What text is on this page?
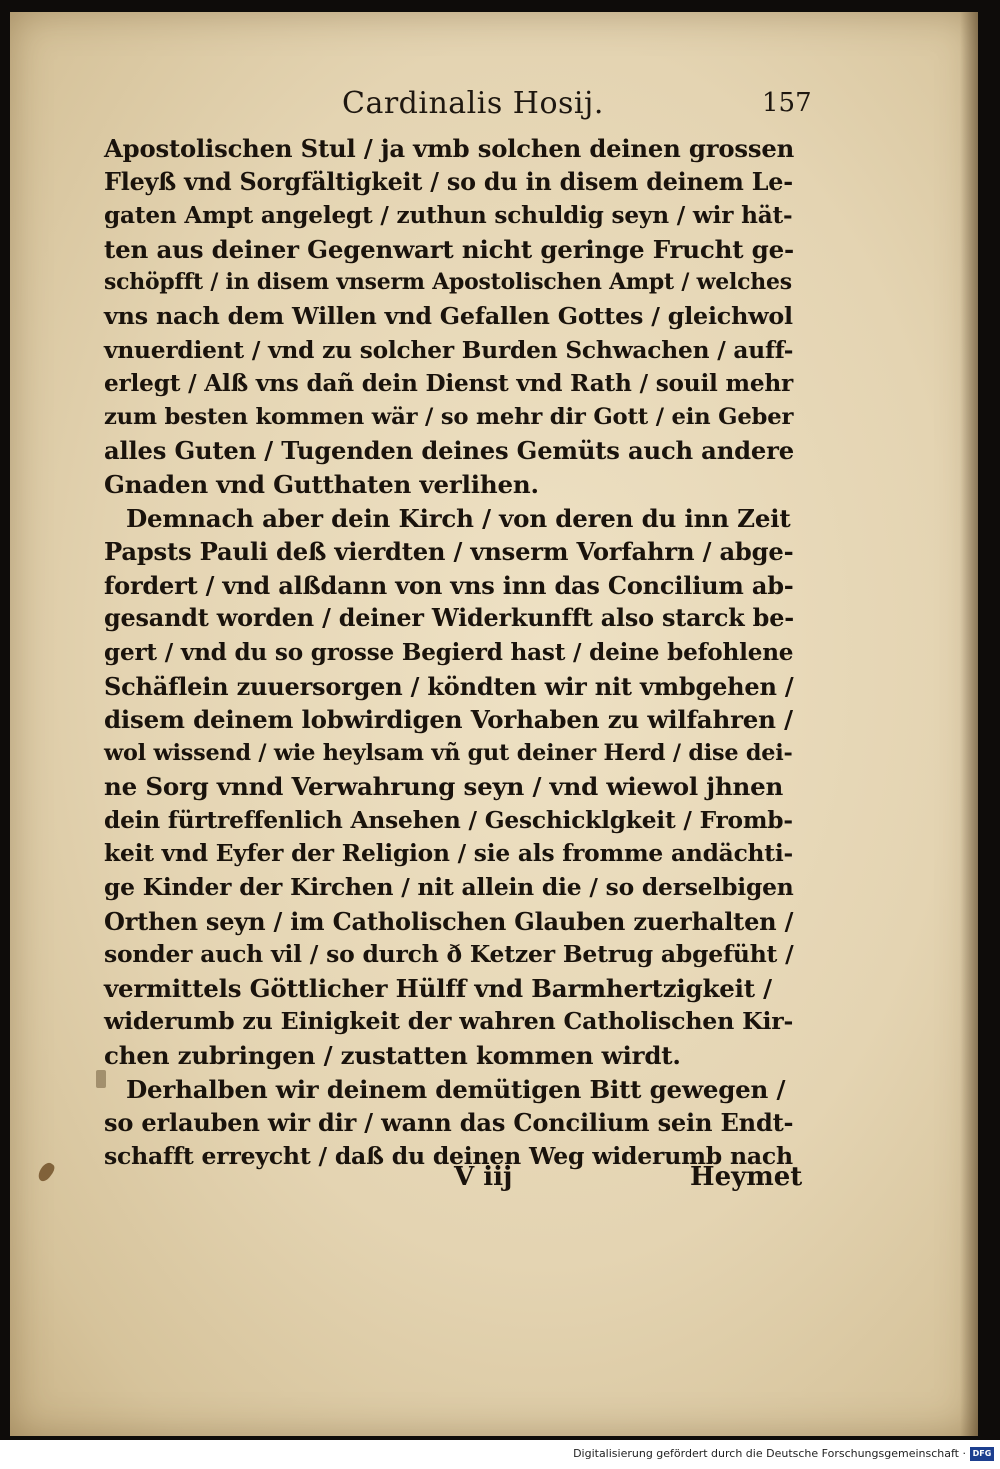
Cardinalis Hosij.	157
Apostolischen Stul / ja vmb solchen deinen grossen
Fleyß vnd Sorgfältigkeit / so du in disem deinem Le-
gaten Ampt angelegt / zuthun schuldig seyn / wir hät-
ten aus deiner Gegenwart nicht geringe Frucht ge-
schöpfft / in disem vnserm Apostolischen Ampt / welches
vns nach dem Willen vnd Gefallen Gottes / gleichwol
vnuerdient / vnd zu solcher Burden Schwachen / auff-
erlegt / Alß vns dañ dein Dienst vnd Rath / souil mehr
zum besten kommen wär / so mehr dir Gott / ein Geber
alles Guten / Tugenden deines Gemüts auch andere
Gnaden vnd Gutthaten verlihen.
Demnach aber dein Kirch / von deren du inn Zeit
Papsts Pauli deß vierdten / vnserm Vorfahrn / abge-
fordert / vnd alßdann von vns inn das Concilium ab-
gesandt worden / deiner Widerkunfft also starck be-
gert / vnd du so grosse Begierd hast / deine befohlene
Schäflein zuuersorgen / köndten wir nit vmbgehen /
disem deinem lobwirdigen Vorhaben zu wilfahren /
wol wissend / wie heylsam vñ gut deiner Herd / dise dei-
ne Sorg vnnd Verwahrung seyn / vnd wiewol jhnen
dein fürtreffenlich Ansehen / Geschicklgkeit / Fromb-
keit vnd Eyfer der Religion / sie als fromme andächti-
ge Kinder der Kirchen / nit allein die / so derselbigen
Orthen seyn / im Catholischen Glauben zuerhalten /
sonder auch vil / so durch ð Ketzer Betrug abgefüht /
vermittels Göttlicher Hülff vnd Barmhertzigkeit /
widerumb zu Einigkeit der wahren Catholischen Kir-
chen zubringen / zustatten kommen wirdt.
Derhalben wir deinem demütigen Bitt gewegen /
so erlauben wir dir / wann das Concilium sein Endt-
schafft erreycht / daß du deinen Weg widerumb nach
V iij	Heymet
Digitalisierung gefördert durch die Deutsche Forschungsgemeinschaft · DFG
